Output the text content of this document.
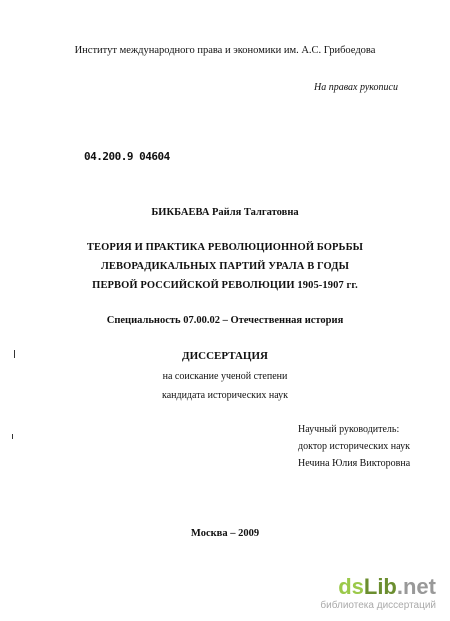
Институт международного права и экономики им. А.С. Грибоедова
На правах рукописи
04.200.9 04604
БИКБАЕВА Райля Талгатовна
ТЕОРИЯ И ПРАКТИКА РЕВОЛЮЦИОННОЙ БОРЬБЫ
ЛЕВОРАДИКАЛЬНЫХ ПАРТИЙ УРАЛА В ГОДЫ
ПЕРВОЙ РОССИЙСКОЙ РЕВОЛЮЦИИ 1905-1907 гг.
Специальность 07.00.02 – Отечественная история
ДИССЕРТАЦИЯ
на соискание ученой степени
кандидата исторических наук
Научный руководитель:
доктор исторических наук
Нечина Юлия Викторовна
Москва – 2009
dsLib.net
библиотека диссертаций
